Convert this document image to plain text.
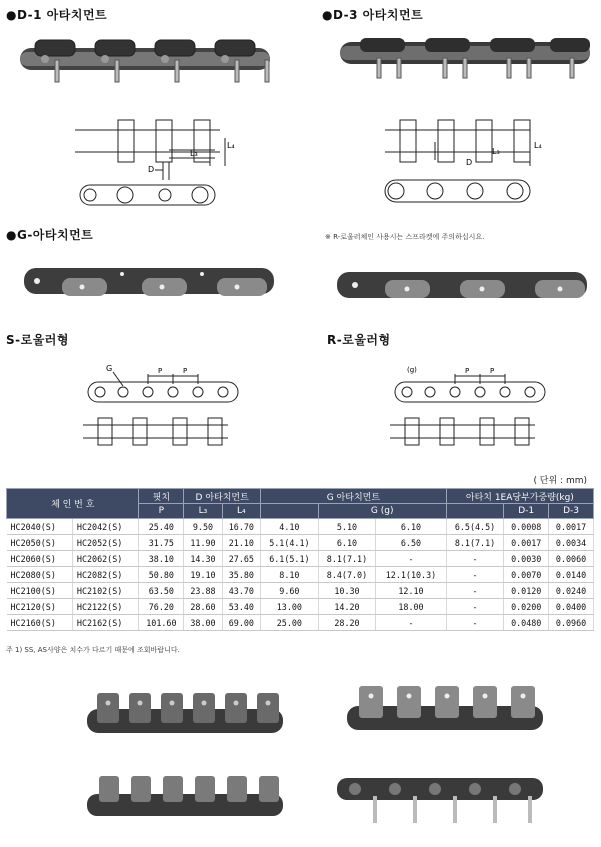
●D-1 아타치먼트	●D-3 아타치먼트
●G-아타치먼트	※ R-로울러체인 사용시는 스프라켓에 주의하십시요.
S-로울러형	R-로울러형
D
L₃
L₄
D
L₃
L₄
G	P	P	(g)	P	P
( 단위 : mm)
체 인 번 호		핏치	D 아타치먼트		G 아타치먼트			아타치 1EA당부가중량(kg)		
		P	L₃	L₄		G (g)			D-1	D-3
HC2040(S)	HC2042(S)	25.40	9.50	16.70	4.10	5.10	6.10	6.5(4.5)	0.0008	0.0017
HC2050(S)	HC2052(S)	31.75	11.90	21.10	5.1(4.1)	6.10	6.50	8.1(7.1)	0.0017	0.0034
HC2060(S)	HC2062(S)	38.10	14.30	27.65	6.1(5.1)	8.1(7.1)	-	-	0.0030	0.0060
HC2080(S)	HC2082(S)	50.80	19.10	35.80	8.10	8.4(7.0)	12.1(10.3)	-	0.0070	0.0140
HC2100(S)	HC2102(S)	63.50	23.88	43.70	9.60	10.30	12.10	-	0.0120	0.0240
HC2120(S)	HC2122(S)	76.20	28.60	53.40	13.00	14.20	18.00	-	0.0200	0.0400
HC2160(S)	HC2162(S)	101.60	38.00	69.00	25.00	28.20	-	-	0.0480	0.0960
주 1) SS, AS사양은 치수가 다르기 때문에 조회바랍니다.
